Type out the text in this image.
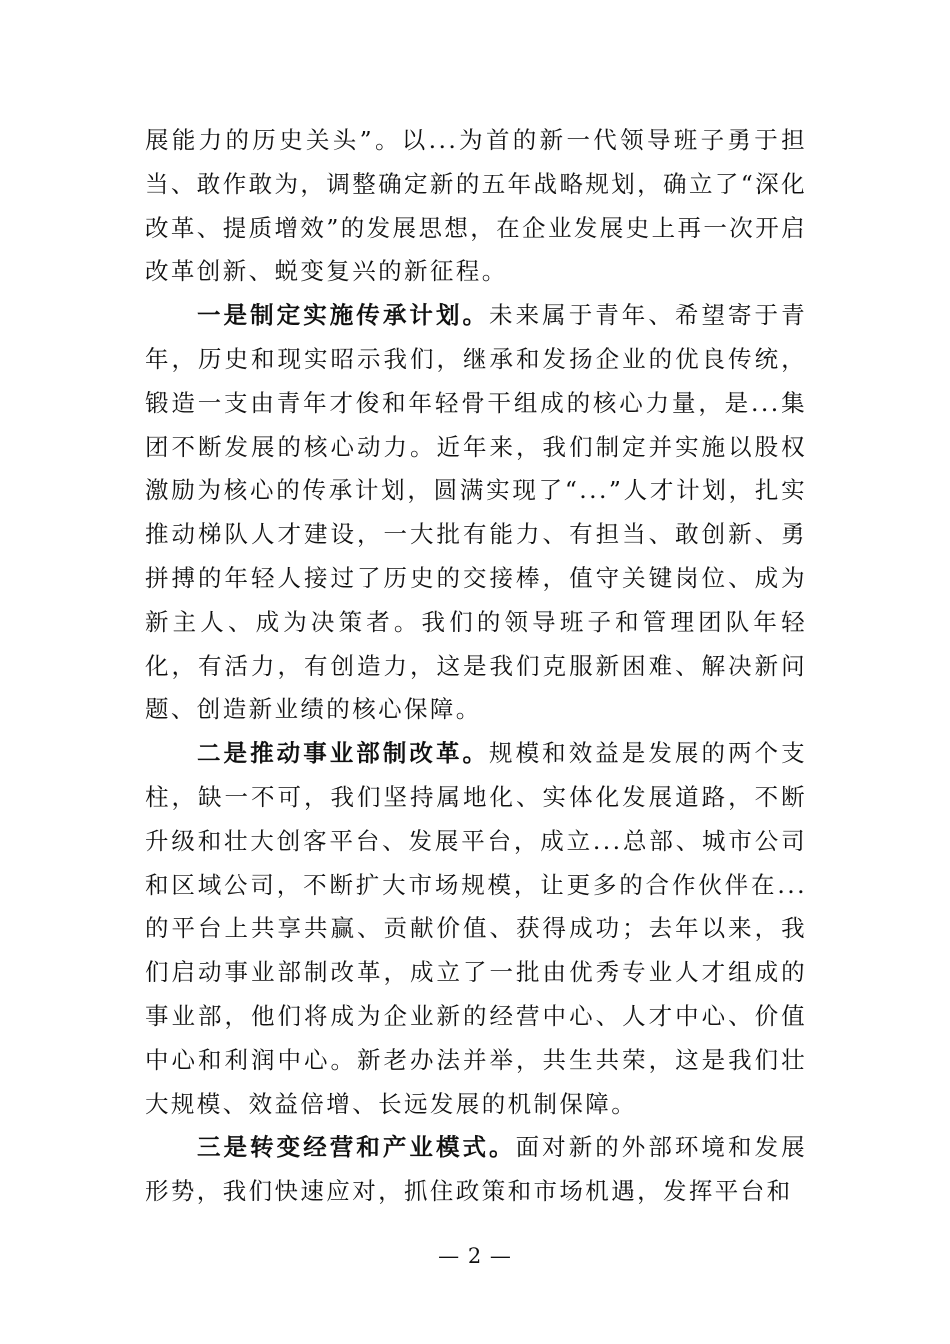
展能力的历史关头”。以...为首的新一代领导班子勇于担当、敢作敢为，调整确定新的五年战略规划，确立了“深化改革、提质增效”的发展思想，在企业发展史上再一次开启改革创新、蜕变复兴的新征程。

一是制定实施传承计划。未来属于青年、希望寄于青年，历史和现实昭示我们，继承和发扬企业的优良传统，锻造一支由青年才俊和年轻骨干组成的核心力量，是...集团不断发展的核心动力。近年来，我们制定并实施以股权激励为核心的传承计划，圆满实现了“...”人才计划，扎实推动梯队人才建设，一大批有能力、有担当、敢创新、勇拼搏的年轻人接过了历史的交接棒，值守关键岗位、成为新主人、成为决策者。我们的领导班子和管理团队年轻化，有活力，有创造力，这是我们克服新困难、解决新问题、创造新业绩的核心保障。

二是推动事业部制改革。规模和效益是发展的两个支柱，缺一不可，我们坚持属地化、实体化发展道路，不断升级和壮大创客平台、发展平台，成立...总部、城市公司和区域公司，不断扩大市场规模，让更多的合作伙伴在...的平台上共享共赢、贡献价值、获得成功；去年以来，我们启动事业部制改革，成立了一批由优秀专业人才组成的事业部，他们将成为企业新的经营中心、人才中心、价值中心和利润中心。新老办法并举，共生共荣，这是我们壮大规模、效益倍增、长远发展的机制保障。

三是转变经营和产业模式。面对新的外部环境和发展形势，我们快速应对，抓住政策和市场机遇，发挥平台和

— 2 —
